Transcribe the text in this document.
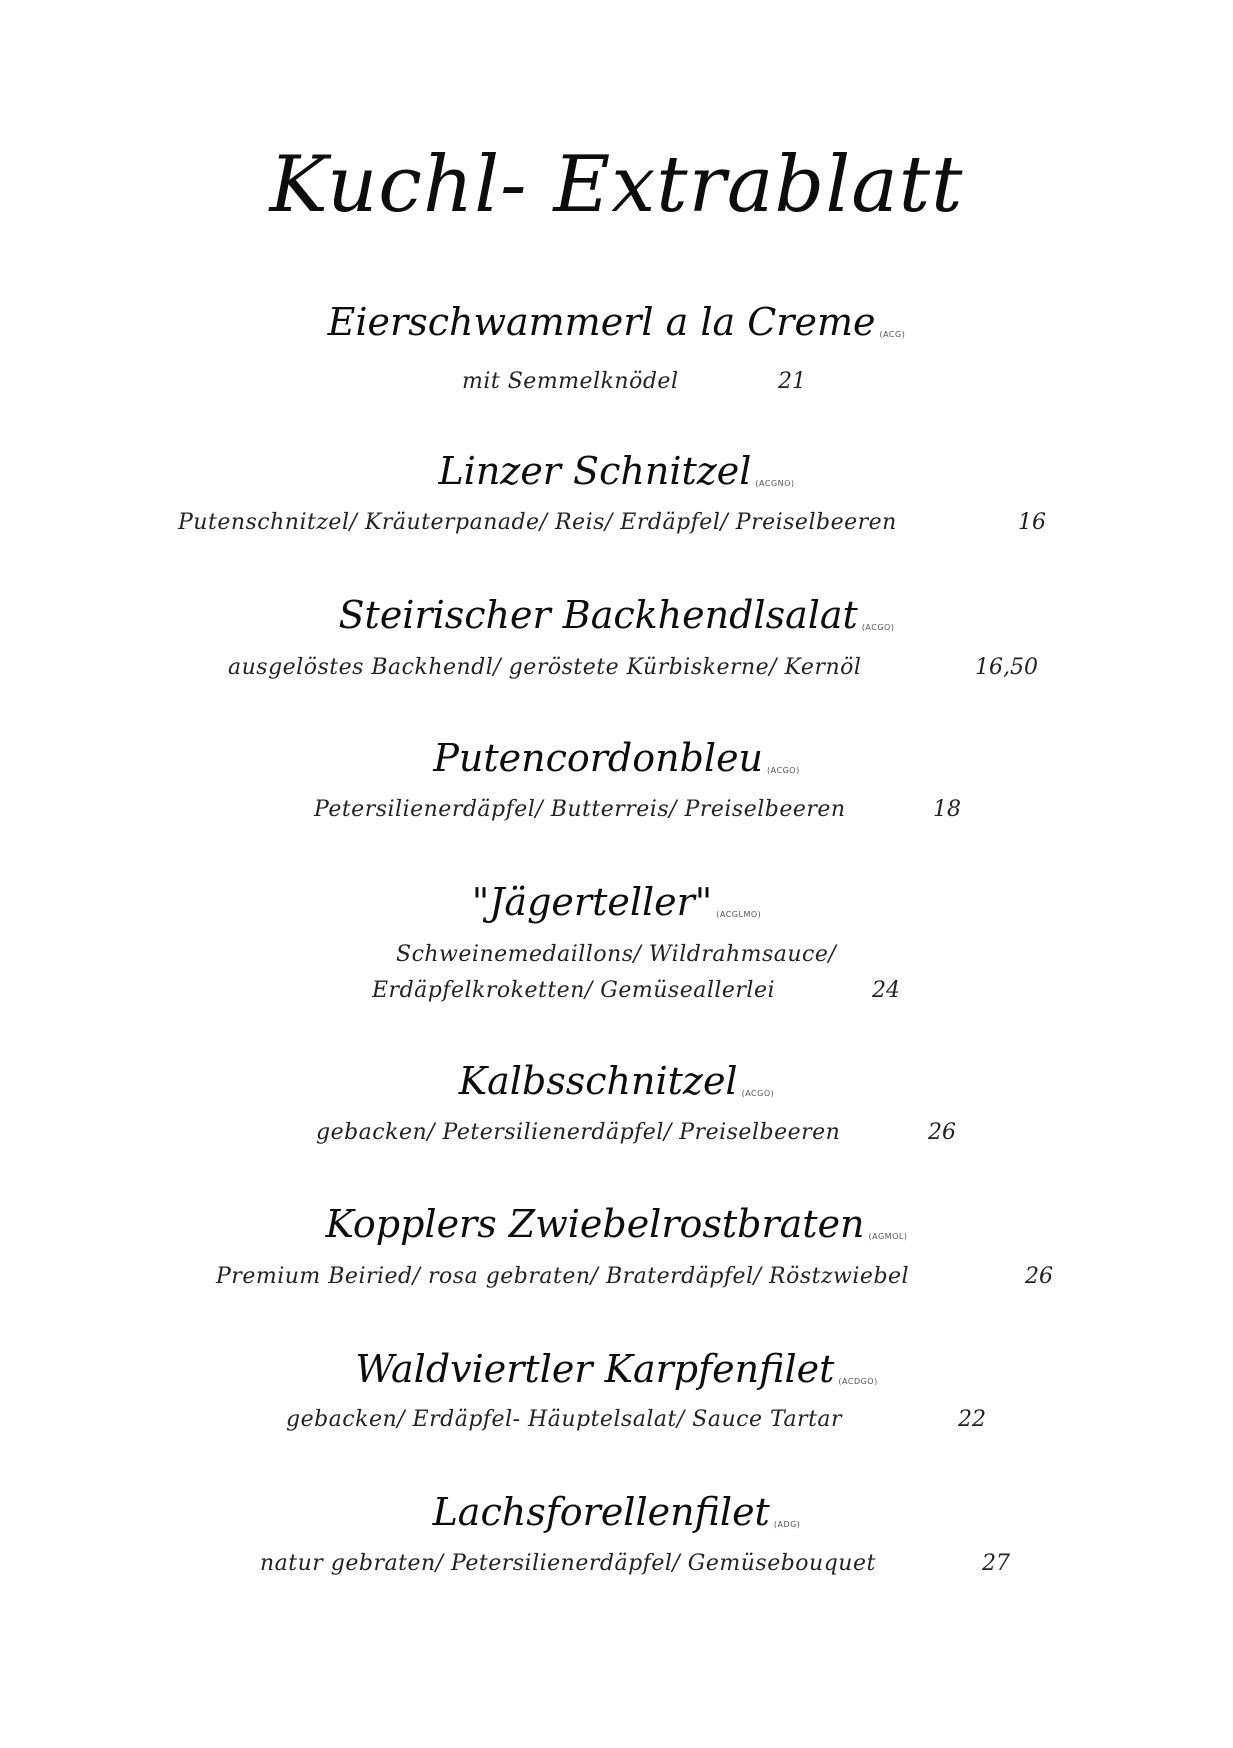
Kuchl- Extrablatt
Eierschwammerl a la Creme (ACG)
mit Semmelknödel	21
Linzer Schnitzel (ACGNO)
Putenschnitzel/ Kräuterpanade/ Reis/ Erdäpfel/ Preiselbeeren	16
Steirischer Backhendlsalat (ACGO)
ausgelöstes Backhendl/ geröstete Kürbiskerne/ Kernöl	16,50
Putencordonbleu (ACGO)
Petersilienerdäpfel/ Butterreis/ Preiselbeeren	18
"Jägerteller" (ACGLMO)
Schweinemedaillons/ Wildrahmsauce/
Erdäpfelkroketten/ Gemüseallerlei	24
Kalbsschnitzel (ACGO)
gebacken/ Petersilienerdäpfel/ Preiselbeeren	26
Kopplers Zwiebelrostbraten (AGMOL)
Premium Beiried/ rosa gebraten/ Braterdäpfel/ Röstzwiebel	26
Waldviertler Karpfenfilet (ACDGO)
gebacken/ Erdäpfel- Häuptelsalat/ Sauce Tartar	22
Lachsforellenfilet (ADG)
natur gebraten/ Petersilienerdäpfel/ Gemüsebouquet	27
